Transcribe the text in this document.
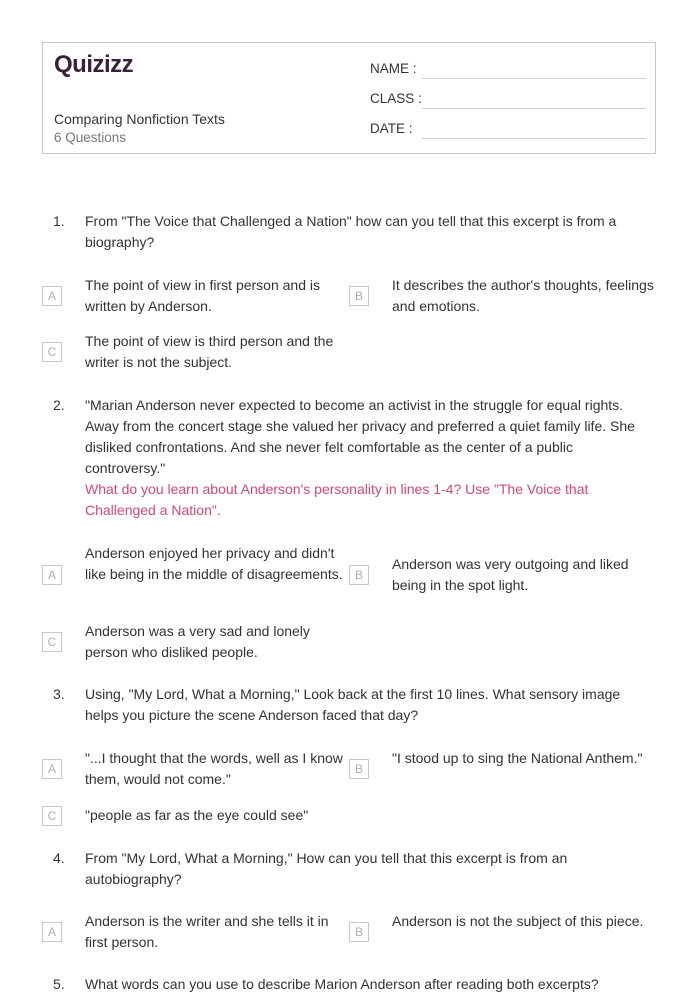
Quizizz
Comparing Nonfiction Texts
6 Questions
NAME :
CLASS :
DATE :
1. From "The Voice that Challenged a Nation" how can you tell that this excerpt is from a biography?
A
The point of view in first person and is written by Anderson.
B
It describes the author's thoughts, feelings and emotions.
C
The point of view is third person and the writer is not the subject.
2. "Marian Anderson never expected to become an activist in the struggle for equal rights. Away from the concert stage she valued her privacy and preferred a quiet family life. She disliked confrontations. And she never felt comfortable as the center of a public controversy."
What do you learn about Anderson's personality in lines 1-4? Use "The Voice that Challenged a Nation".
A
Anderson enjoyed her privacy and didn't like being in the middle of disagreements.	B
Anderson was very outgoing and liked being in the spot light.
C
Anderson was a very sad and lonely person who disliked people.
3. Using, "My Lord, What a Morning," Look back at the first 10 lines. What sensory image helps you picture the scene Anderson faced that day?
A
"...I thought that the words, well as I know them, would not come."
B
"I stood up to sing the National Anthem."
C	"people as far as the eye could see"
4. From "My Lord, What a Morning," How can you tell that this excerpt is from an autobiography?
A
Anderson is the writer and she tells it in first person.
B
Anderson is not the subject of this piece.
5. What words can you use to describe Marion Anderson after reading both excerpts?
